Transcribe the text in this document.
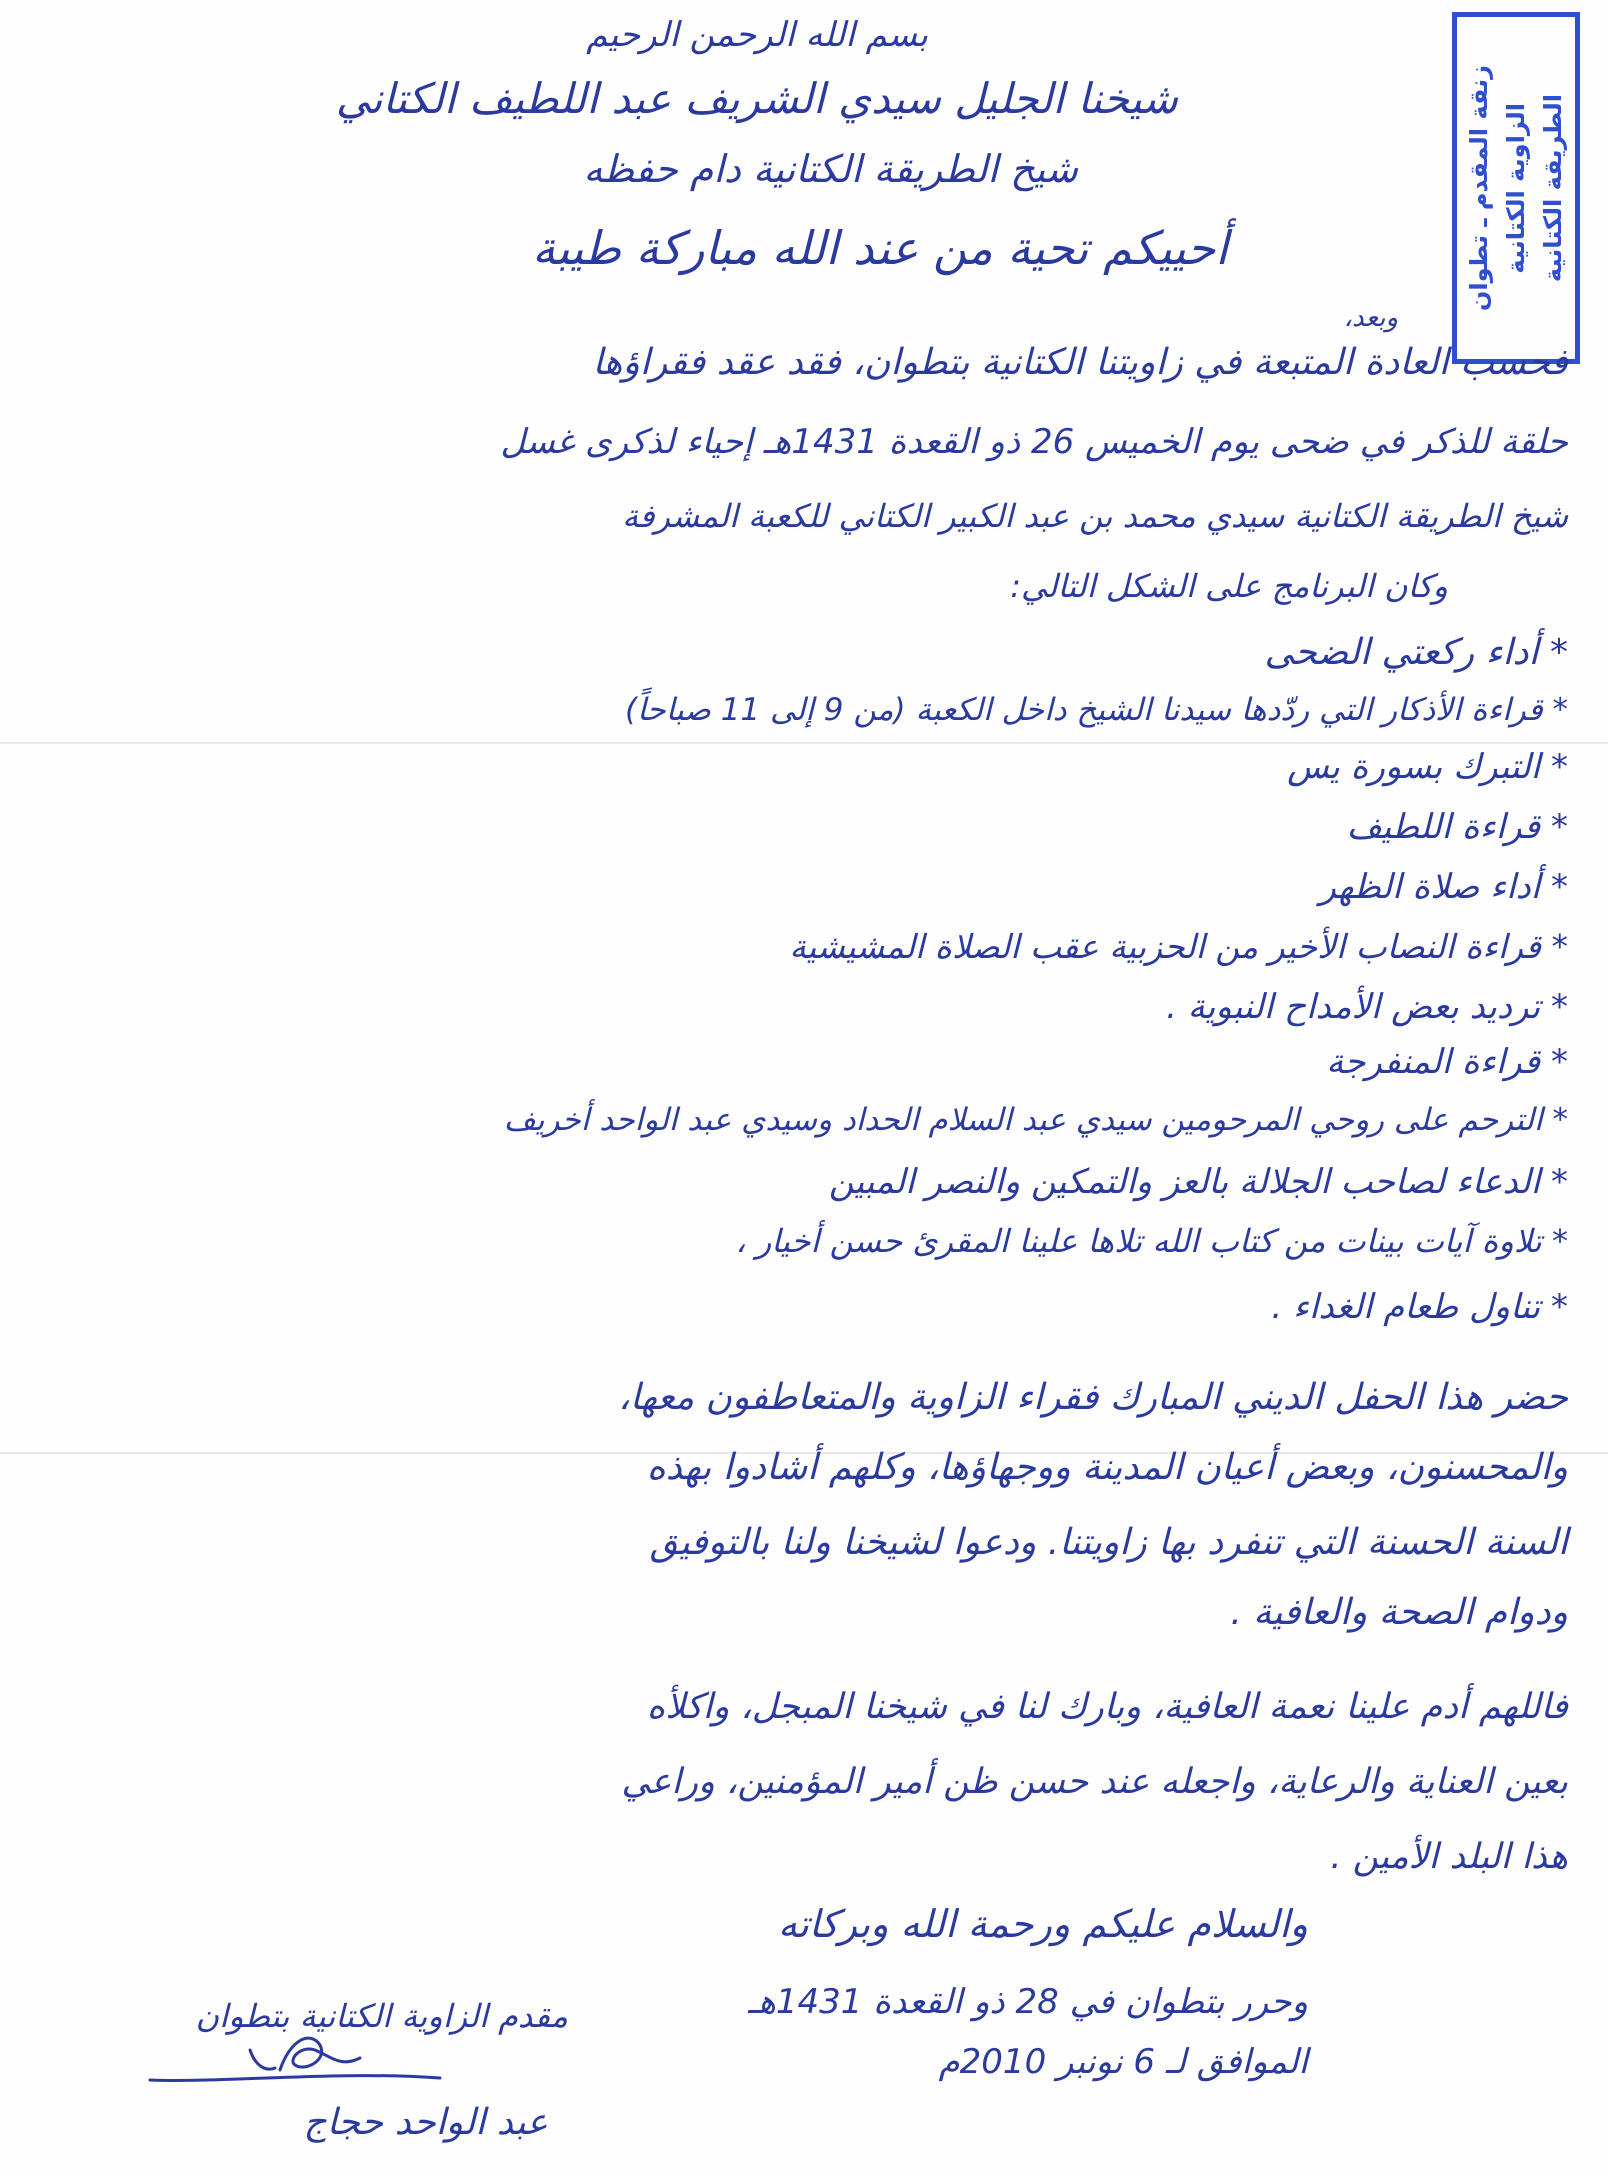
الطريقة الكتانية
الزاوية الكتانية
زنقة المقدم ـ تطوان
بسم الله الرحمن الرحيم
شيخنا الجليل سيدي الشريف عبد اللطيف الكتاني
شيخ الطريقة الكتانية دام حفظه
أحييكم تحية من عند الله مباركة طيبة
وبعد،
فحسب العادة المتبعة في زاويتنا الكتانية بتطوان، فقد عقد فقراؤها
حلقة للذكر في ضحى يوم الخميس 26 ذو القعدة 1431هـ إحياء لذكرى غسل
شيخ الطريقة الكتانية سيدي محمد بن عبد الكبير الكتاني للكعبة المشرفة
وكان البرنامج على الشكل التالي:
* أداء ركعتي الضحى
* قراءة الأذكار التي ردّدها سيدنا الشيخ داخل الكعبة (من 9 إلى 11 صباحاً)
* التبرك بسورة يس
* قراءة اللطيف
* أداء صلاة الظهر
* قراءة النصاب الأخير من الحزبية عقب الصلاة المشيشية
* ترديد بعض الأمداح النبوية .
* قراءة المنفرجة
* الترحم على روحي المرحومين سيدي عبد السلام الحداد وسيدي عبد الواحد أخريف
* الدعاء لصاحب الجلالة بالعز والتمكين والنصر المبين
* تلاوة آيات بينات من كتاب الله تلاها علينا المقرئ حسن أخيار ،
* تناول طعام الغداء .
حضر هذا الحفل الديني المبارك فقراء الزاوية والمتعاطفون معها،
والمحسنون، وبعض أعيان المدينة ووجهاؤها، وكلهم أشادوا بهذه
السنة الحسنة التي تنفرد بها زاويتنا. ودعوا لشيخنا ولنا بالتوفيق
ودوام الصحة والعافية .
فاللهم أدم علينا نعمة العافية، وبارك لنا في شيخنا المبجل، واكلأه
بعين العناية والرعاية، واجعله عند حسن ظن أمير المؤمنين، وراعي
هذا البلد الأمين .
والسلام عليكم ورحمة الله وبركاته
وحرر بتطوان في 28 ذو القعدة 1431هـ
الموافق لـ 6 نونبر 2010م
مقدم الزاوية الكتانية بتطوان
عبد الواحد حجاج
